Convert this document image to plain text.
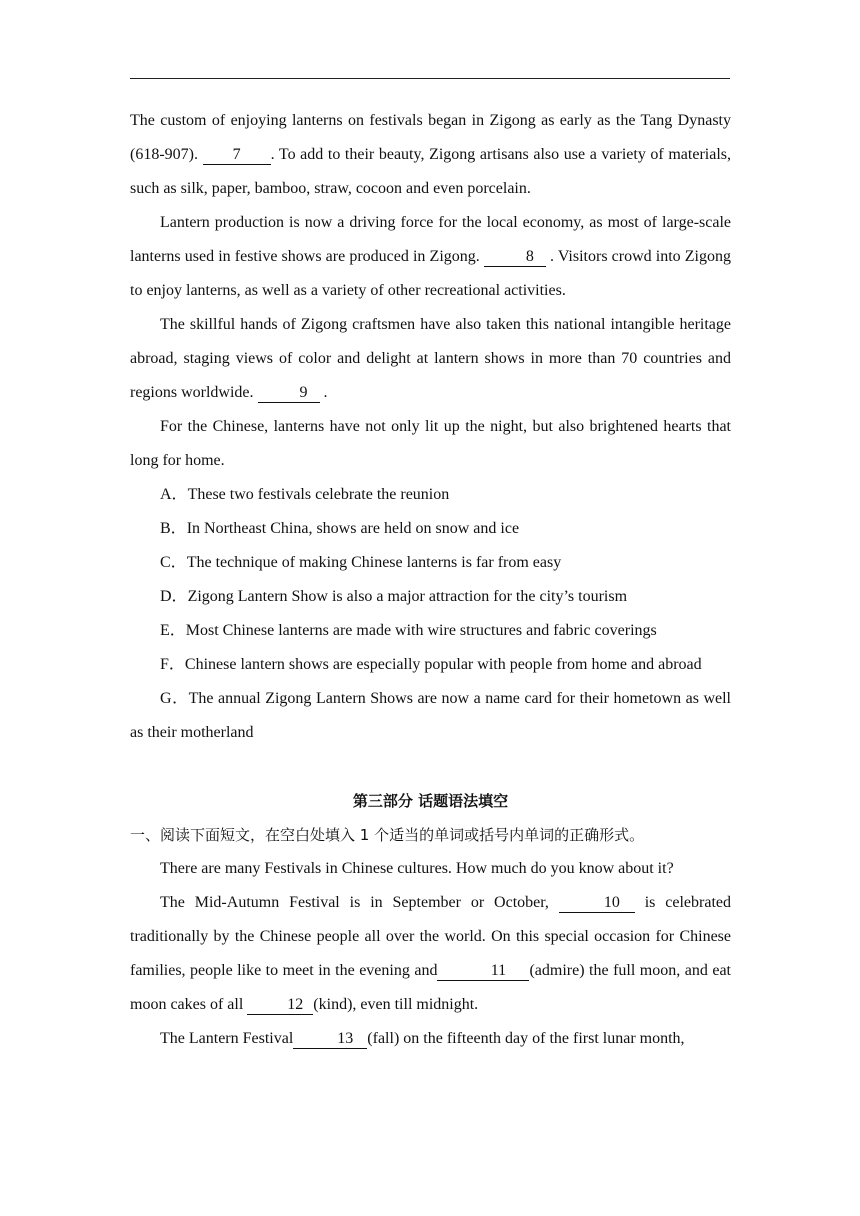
The custom of enjoying lanterns on festivals began in Zigong as early as the Tang Dynasty (618-907). 7 . To add to their beauty, Zigong artisans also use a variety of materials, such as silk, paper, bamboo, straw, cocoon and even porcelain.

Lantern production is now a driving force for the local economy, as most of large-scale lanterns used in festive shows are produced in Zigong.	8 . Visitors crowd into Zigong to enjoy lanterns, as well as a variety of other recreational activities.

The skillful hands of Zigong craftsmen have also taken this national intangible heritage abroad, staging views of color and delight at lantern shows in more than 70 countries and regions worldwide.	9 .

For the Chinese, lanterns have not only lit up the night, but also brightened hearts that long for home.

A．These two festivals celebrate the reunion

B．In Northeast China, shows are held on snow and ice

C．The technique of making Chinese lanterns is far from easy

D．Zigong Lantern Show is also a major attraction for the city’s tourism

E．Most Chinese lanterns are made with wire structures and fabric coverings

F．Chinese lantern shows are especially popular with people from home and abroad

G．The annual Zigong Lantern Shows are now a name card for their hometown as well as their motherland

第三部分 话题语法填空

一、阅读下面短文，在空白处填入 1 个适当的单词或括号内单词的正确形式。

There are many Festivals in Chinese cultures. How much do you know about it?

The Mid-Autumn Festival is in September or October,	10 is celebrated traditionally by the Chinese people all over the world. On this special occasion for Chinese families, people like to meet in the evening and	11 (admire) the full moon, and eat moon cakes of all	12 (kind), even till midnight.

The Lantern Festival	13 (fall) on the fifteenth day of the first lunar month,
